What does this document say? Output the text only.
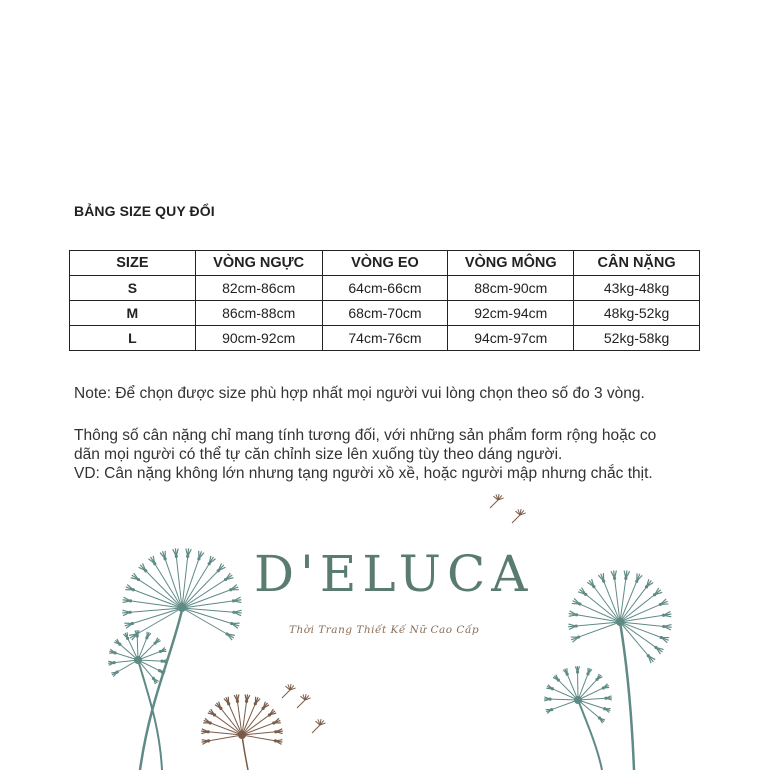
BẢNG SIZE QUY ĐỔI
SIZE	VÒNG NGỰC	VÒNG EO	VÒNG MÔNG	CÂN NẶNG
S	82cm-86cm	64cm-66cm	88cm-90cm	43kg-48kg
M	86cm-88cm	68cm-70cm	92cm-94cm	48kg-52kg
L	90cm-92cm	74cm-76cm	94cm-97cm	52kg-58kg
Note: Để chọn được size phù hợp nhất mọi người vui lòng chọn theo số đo 3 vòng.
Thông số cân nặng chỉ mang tính tương đối, với những sản phẩm form rộng hoặc co
dãn mọi người có thể tự căn chỉnh size lên xuống tùy theo dáng người.
VD: Cân nặng không lớn nhưng tạng người xồ xề, hoặc người mập nhưng chắc thịt.
D'ELUCA
Thời Trang Thiết Kế Nữ Cao Cấp
